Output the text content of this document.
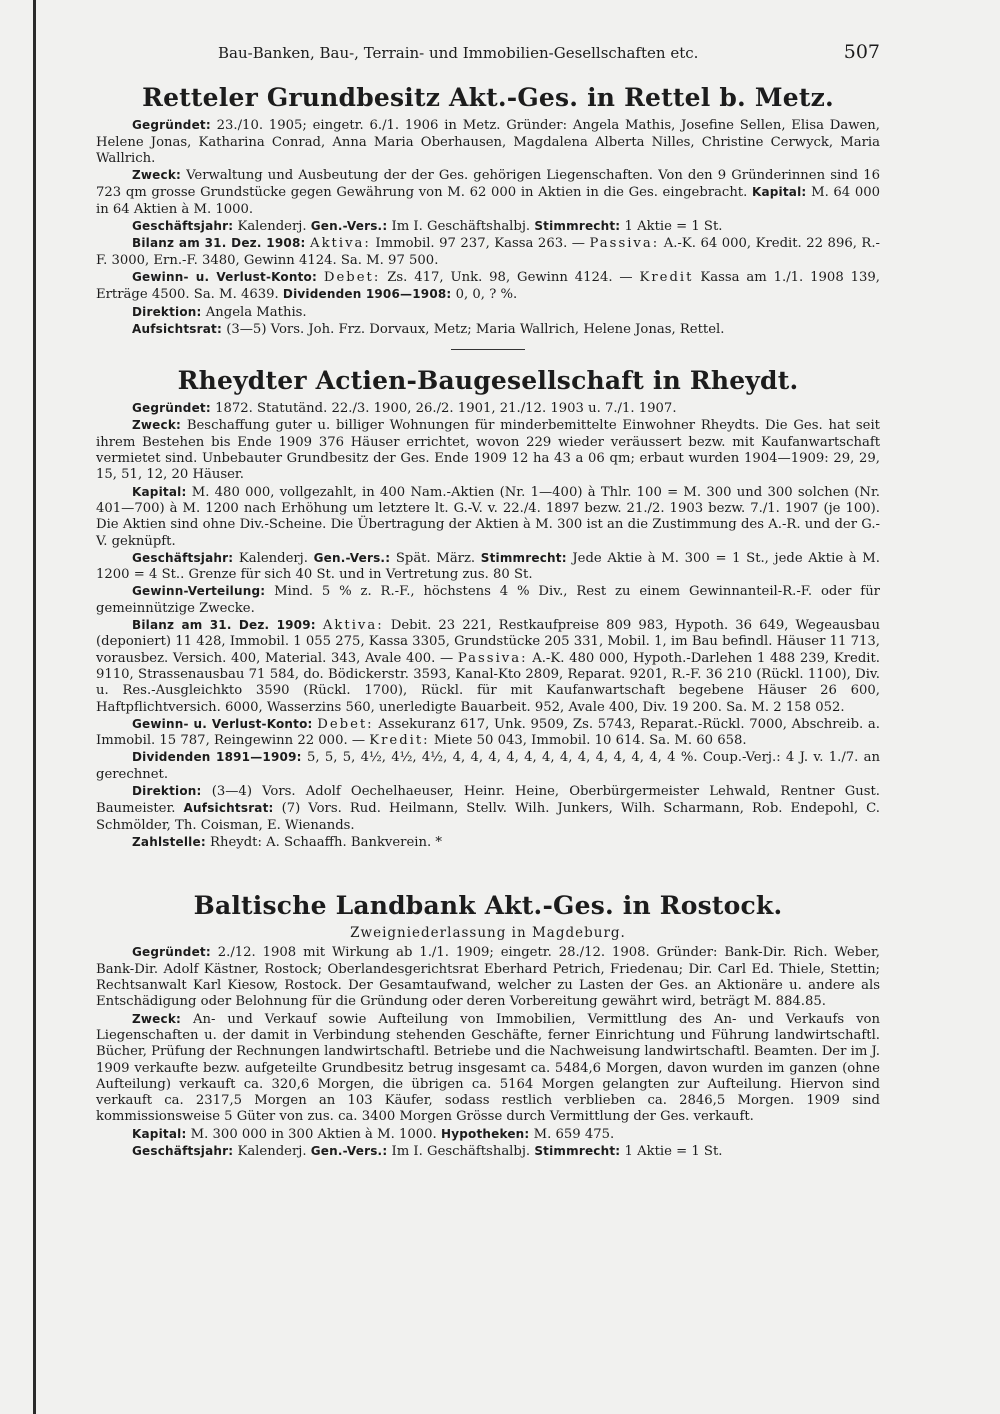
Bau-Banken, Bau-, Terrain- und Immobilien-Gesellschaften etc.	507
Retteler Grundbesitz Akt.-Ges. in Rettel b. Metz.

Gegründet: 23./10. 1905; eingetr. 6./1. 1906 in Metz. Gründer: Angela Mathis, Josefine Sellen, Elisa Dawen, Helene Jonas, Katharina Conrad, Anna Maria Oberhausen, Magdalena Alberta Nilles, Christine Cerwyck, Maria Wallrich.

Zweck: Verwaltung und Ausbeutung der der Ges. gehörigen Liegenschaften. Von den 9 Gründerinnen sind 16 723 qm grosse Grundstücke gegen Gewährung von M. 62 000 in Aktien in die Ges. eingebracht. Kapital: M. 64 000 in 64 Aktien à M. 1000.

Geschäftsjahr: Kalenderj. Gen.-Vers.: Im I. Geschäftshalbj. Stimmrecht: 1 Aktie = 1 St.

Bilanz am 31. Dez. 1908: Aktiva: Immobil. 97 237, Kassa 263. — Passiva: A.-K. 64 000, Kredit. 22 896, R.-F. 3000, Ern.-F. 3480, Gewinn 4124. Sa. M. 97 500.

Gewinn- u. Verlust-Konto: Debet: Zs. 417, Unk. 98, Gewinn 4124. — Kredit Kassa am 1./1. 1908 139, Erträge 4500. Sa. M. 4639. Dividenden 1906—1908: 0, 0, ? %.

Direktion: Angela Mathis.

Aufsichtsrat: (3—5) Vors. Joh. Frz. Dorvaux, Metz; Maria Wallrich, Helene Jonas, Rettel.

Rheydter Actien-Baugesellschaft in Rheydt.

Gegründet: 1872. Statutänd. 22./3. 1900, 26./2. 1901, 21./12. 1903 u. 7./1. 1907.

Zweck: Beschaffung guter u. billiger Wohnungen für minderbemittelte Einwohner Rheydts. Die Ges. hat seit ihrem Bestehen bis Ende 1909 376 Häuser errichtet, wovon 229 wieder veräussert bezw. mit Kaufanwartschaft vermietet sind. Unbebauter Grundbesitz der Ges. Ende 1909 12 ha 43 a 06 qm; erbaut wurden 1904—1909: 29, 29, 15, 51, 12, 20 Häuser.

Kapital: M. 480 000, vollgezahlt, in 400 Nam.-Aktien (Nr. 1—400) à Thlr. 100 = M. 300 und 300 solchen (Nr. 401—700) à M. 1200 nach Erhöhung um letztere lt. G.-V. v. 22./4. 1897 bezw. 21./2. 1903 bezw. 7./1. 1907 (je 100). Die Aktien sind ohne Div.-Scheine. Die Übertragung der Aktien à M. 300 ist an die Zustimmung des A.-R. und der G.-V. geknüpft.

Geschäftsjahr: Kalenderj. Gen.-Vers.: Spät. März. Stimmrecht: Jede Aktie à M. 300 = 1 St., jede Aktie à M. 1200 = 4 St.. Grenze für sich 40 St. und in Vertretung zus. 80 St.

Gewinn-Verteilung: Mind. 5 % z. R.-F., höchstens 4 % Div., Rest zu einem Gewinnanteil-R.-F. oder für gemeinnützige Zwecke.

Bilanz am 31. Dez. 1909: Aktiva: Debit. 23 221, Restkaufpreise 809 983, Hypoth. 36 649, Wegeausbau (deponiert) 11 428, Immobil. 1 055 275, Kassa 3305, Grundstücke 205 331, Mobil. 1, im Bau befindl. Häuser 11 713, vorausbez. Versich. 400, Material. 343, Avale 400. — Passiva: A.-K. 480 000, Hypoth.-Darlehen 1 488 239, Kredit. 9110, Strassenausbau 71 584, do. Bödickerstr. 3593, Kanal-Kto 2809, Reparat. 9201, R.-F. 36 210 (Rückl. 1100), Div. u. Res.-Ausgleichkto 3590 (Rückl. 1700), Rückl. für mit Kaufanwartschaft begebene Häuser 26 600, Haftpflichtversich. 6000, Wasserzins 560, unerledigte Bauarbeit. 952, Avale 400, Div. 19 200. Sa. M. 2 158 052.

Gewinn- u. Verlust-Konto: Debet: Assekuranz 617, Unk. 9509, Zs. 5743, Reparat.-Rückl. 7000, Abschreib. a. Immobil. 15 787, Reingewinn 22 000. — Kredit: Miete 50 043, Immobil. 10 614. Sa. M. 60 658.

Dividenden 1891—1909: 5, 5, 5, 4½, 4½, 4½, 4, 4, 4, 4, 4, 4, 4, 4, 4, 4, 4, 4, 4 %. Coup.-Verj.: 4 J. v. 1./7. an gerechnet.

Direktion: (3—4) Vors. Adolf Oechelhaeuser, Heinr. Heine, Oberbürgermeister Lehwald, Rentner Gust. Baumeister. Aufsichtsrat: (7) Vors. Rud. Heilmann, Stellv. Wilh. Junkers, Wilh. Scharmann, Rob. Endepohl, C. Schmölder, Th. Coisman, E. Wienands.

Zahlstelle: Rheydt: A. Schaaffh. Bankverein. *

Baltische Landbank Akt.-Ges. in Rostock.
Zweigniederlassung in Magdeburg.

Gegründet: 2./12. 1908 mit Wirkung ab 1./1. 1909; eingetr. 28./12. 1908. Gründer: Bank-Dir. Rich. Weber, Bank-Dir. Adolf Kästner, Rostock; Oberlandesgerichtsrat Eberhard Petrich, Friedenau; Dir. Carl Ed. Thiele, Stettin; Rechtsanwalt Karl Kiesow, Rostock. Der Gesamtaufwand, welcher zu Lasten der Ges. an Aktionäre u. andere als Entschädigung oder Belohnung für die Gründung oder deren Vorbereitung gewährt wird, beträgt M. 884.85.

Zweck: An- und Verkauf sowie Aufteilung von Immobilien, Vermittlung des An- und Verkaufs von Liegenschaften u. der damit in Verbindung stehenden Geschäfte, ferner Einrichtung und Führung landwirtschaftl. Bücher, Prüfung der Rechnungen landwirtschaftl. Betriebe und die Nachweisung landwirtschaftl. Beamten. Der im J. 1909 verkaufte bezw. aufgeteilte Grundbesitz betrug insgesamt ca. 5484,6 Morgen, davon wurden im ganzen (ohne Aufteilung) verkauft ca. 320,6 Morgen, die übrigen ca. 5164 Morgen gelangten zur Aufteilung. Hiervon sind verkauft ca. 2317,5 Morgen an 103 Käufer, sodass restlich verblieben ca. 2846,5 Morgen. 1909 sind kommissionsweise 5 Güter von zus. ca. 3400 Morgen Grösse durch Vermittlung der Ges. verkauft.

Kapital: M. 300 000 in 300 Aktien à M. 1000. Hypotheken: M. 659 475.

Geschäftsjahr: Kalenderj. Gen.-Vers.: Im I. Geschäftshalbj. Stimmrecht: 1 Aktie = 1 St.
